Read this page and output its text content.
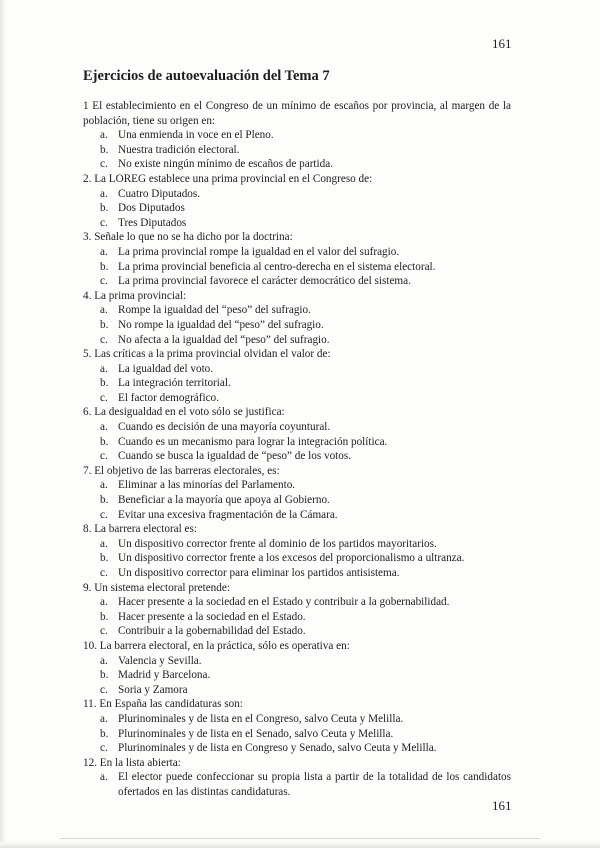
161
Ejercicios de autoevaluación del Tema 7
1 El establecimiento en el Congreso de un mínimo de escaños por provincia, al margen de la población, tiene su origen en:
a. Una enmienda in voce en el Pleno.
b. Nuestra tradición electoral.
c. No existe ningún mínimo de escaños de partida.
2. La LOREG establece una prima provincial en el Congreso de:
a. Cuatro Diputados.
b. Dos Diputados
c. Tres Diputados
3. Señale lo que no se ha dicho por la doctrina:
a. La prima provincial rompe la igualdad en el valor del sufragio.
b. La prima provincial beneficia al centro-derecha en el sistema electoral.
c. La prima provincial favorece el carácter democrático del sistema.
4. La prima provincial:
a. Rompe la igualdad del “peso” del sufragio.
b. No rompe la igualdad del “peso” del sufragio.
c. No afecta a la igualdad del “peso” del sufragio.
5. Las críticas a la prima provincial olvidan el valor de:
a. La igualdad del voto.
b. La integración territorial.
c. El factor demográfico.
6. La desigualdad en el voto sólo se justifica:
a. Cuando es decisión de una mayoría coyuntural.
b. Cuando es un mecanismo para lograr la integración política.
c. Cuando se busca la igualdad de “peso” de los votos.
7. El objetivo de las barreras electorales, es:
a. Eliminar a las minorías del Parlamento.
b. Beneficiar a la mayoría que apoya al Gobierno.
c. Evitar una excesiva fragmentación de la Cámara.
8. La barrera electoral es:
a. Un dispositivo corrector frente al dominio de los partidos mayoritarios.
b. Un dispositivo corrector frente a los excesos del proporcionalismo a ultranza.
c. Un dispositivo corrector para eliminar los partidos antisistema.
9. Un sistema electoral pretende:
a. Hacer presente a la sociedad en el Estado y contribuir a la gobernabilidad.
b. Hacer presente a la sociedad en el Estado.
c. Contribuir a la gobernabilidad del Estado.
10. La barrera electoral, en la práctica, sólo es operativa en:
a. Valencia y Sevilla.
b. Madrid y Barcelona.
c. Soria y Zamora
11. En España las candidaturas son:
a. Plurinominales y de lista en el Congreso, salvo Ceuta y Melilla.
b. Plurinominales y de lista en el Senado, salvo Ceuta y Melilla.
c. Plurinominales y de lista en Congreso y Senado, salvo Ceuta y Melilla.
12. En la lista abierta:
a. El elector puede confeccionar su propia lista a partir de la totalidad de los candidatos ofertados en las distintas candidaturas.
161
